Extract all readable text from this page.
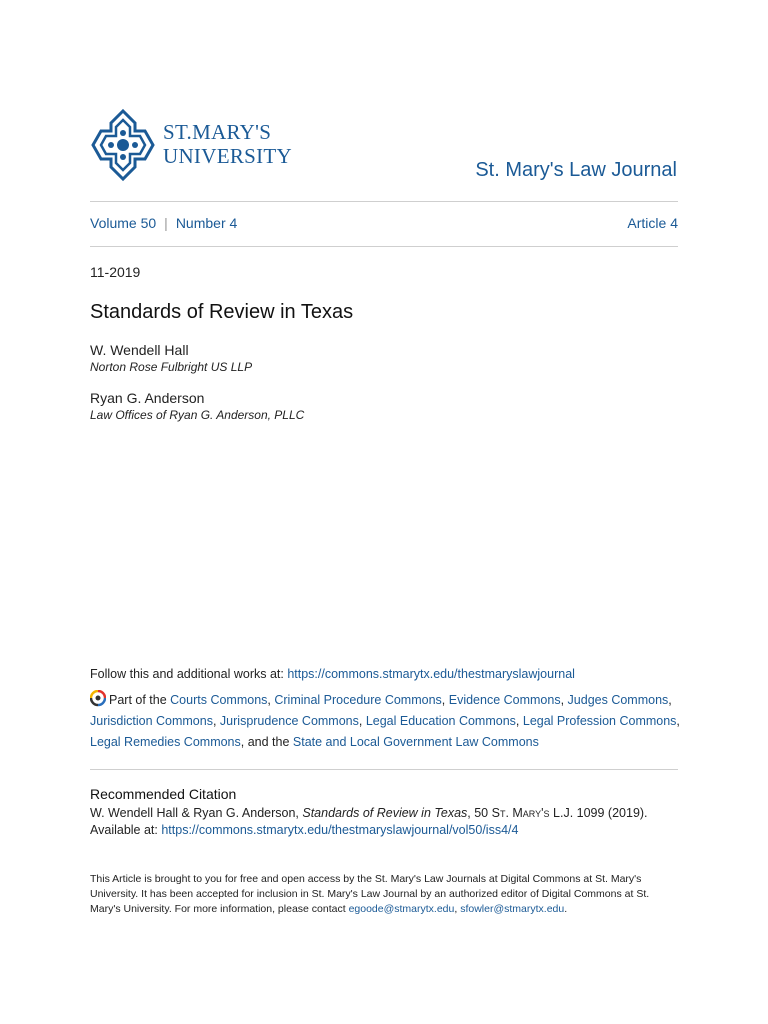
ST.MARY'S
UNIVERSITY
St. Mary's Law Journal
Volume 50 | Number 4	Article 4
11-2019
Standards of Review in Texas
W. Wendell Hall
Norton Rose Fulbright US LLP
Ryan G. Anderson
Law Offices of Ryan G. Anderson, PLLC
Follow this and additional works at: https://commons.stmarytx.edu/thestmaryslawjournal
Part of the Courts Commons, Criminal Procedure Commons, Evidence Commons, Judges Commons, Jurisdiction Commons, Jurisprudence Commons, Legal Education Commons, Legal Profession Commons, Legal Remedies Commons, and the State and Local Government Law Commons
Recommended Citation
W. Wendell Hall & Ryan G. Anderson, Standards of Review in Texas, 50 St. Mary's L.J. 1099 (2019).
Available at: https://commons.stmarytx.edu/thestmaryslawjournal/vol50/iss4/4
This Article is brought to you for free and open access by the St. Mary's Law Journals at Digital Commons at St. Mary's University. It has been accepted for inclusion in St. Mary's Law Journal by an authorized editor of Digital Commons at St. Mary's University. For more information, please contact egoode@stmarytx.edu, sfowler@stmarytx.edu.
